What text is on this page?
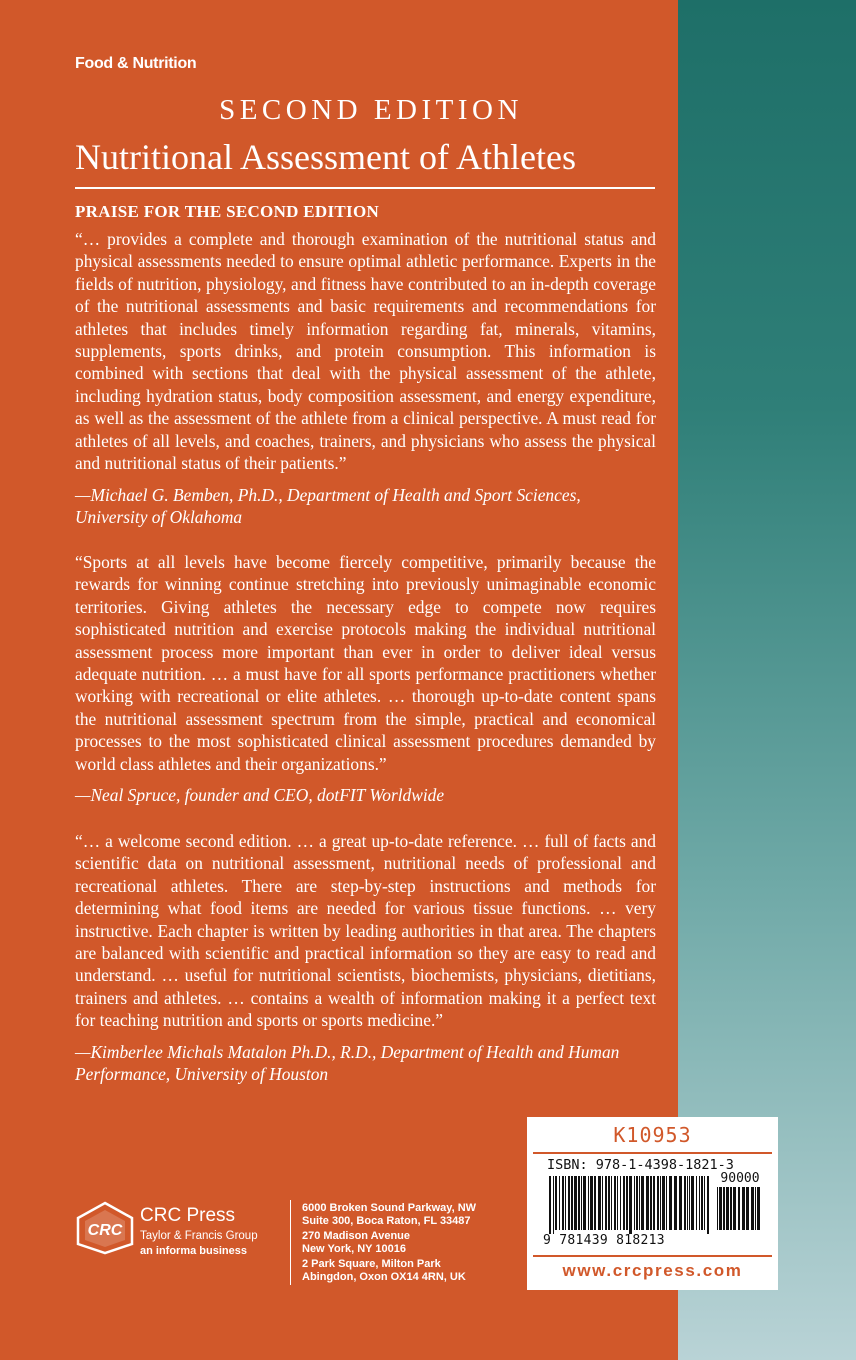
Food & Nutrition
SECOND EDITION
Nutritional Assessment of Athletes
PRAISE FOR THE SECOND EDITION

“… provides a complete and thorough examination of the nutritional status and physical assessments needed to ensure optimal athletic performance. Experts in the fields of nutrition, physiology, and fitness have contributed to an in-depth coverage of the nutritional assessments and basic requirements and recommendations for athletes that includes timely information regarding fat, minerals, vitamins, supplements, sports drinks, and protein consumption. This information is combined with sections that deal with the physical assessment of the athlete, including hydration status, body composition assessment, and energy expenditure, as well as the assessment of the athlete from a clinical perspective. A must read for athletes of all levels, and coaches, trainers, and physicians who assess the physical and nutritional status of their patients.”

—Michael G. Bemben, Ph.D., Department of Health and Sport Sciences, University of Oklahoma

“Sports at all levels have become fiercely competitive, primarily because the rewards for winning continue stretching into previously unimaginable economic territories. Giving athletes the necessary edge to compete now requires sophisticated nutrition and exercise protocols making the individual nutritional assessment process more important than ever in order to deliver ideal versus adequate nutrition. … a must have for all sports performance practitioners whether working with recreational or elite athletes. … thorough up-to-date content spans the nutritional assessment spectrum from the simple, practical and economical processes to the most sophisticated clinical assessment procedures demanded by world class athletes and their organizations.”

—Neal Spruce, founder and CEO, dotFIT Worldwide

“… a welcome second edition. … a great up-to-date reference. … full of facts and scientific data on nutritional assessment, nutritional needs of professional and recreational athletes. There are step-by-step instructions and methods for determining what food items are needed for various tissue functions. … very instructive. Each chapter is written by leading authorities in that area. The chapters are balanced with scientific and practical information so they are easy to read and understand. … useful for nutritional scientists, biochemists, physicians, dietitians, trainers and athletes. … contains a wealth of information making it a perfect text for teaching nutrition and sports or sports medicine.”

—Kimberlee Michals Matalon Ph.D., R.D., Department of Health and Human Performance, University of Houston

CRC
CRC Press
Taylor & Francis Group
an informa business
6000 Broken Sound Parkway, NW
Suite 300, Boca Raton, FL 33487
270 Madison Avenue
New York, NY 10016
2 Park Square, Milton Park
Abingdon, Oxon OX14 4RN, UK
K10953
ISBN: 978-1-4398-1821-3
90000
9 781439 818213
www.crcpress.com
